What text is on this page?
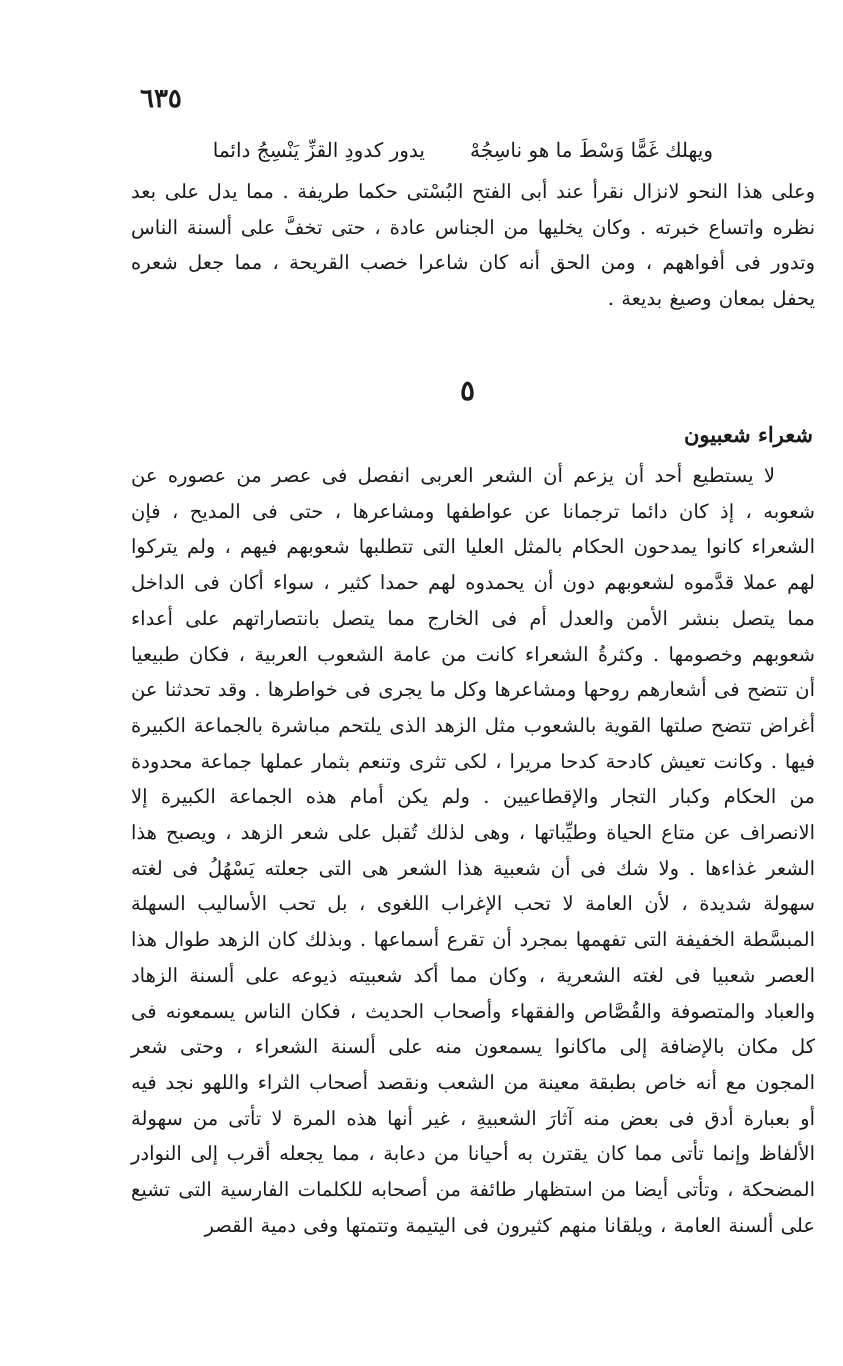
٦٣٥
يدور كدودِ القزِّ يَنْسِجُ دائما ويهلك غَمًّا وَسْطَ ما هو ناسِجُهْ

وعلى هذا النحو لانزال نقرأ عند أبى الفتح البُسْتى حكما طريفة . مما يدل على بعد نظره واتساع خبرته . وكان يخليها من الجناس عادة ، حتى تخفَّ على ألسنة الناس وتدور فى أفواههم ، ومن الحق أنه كان شاعرا خصب القريحة ، مما جعل شعره يحفل بمعان وصيغ بديعة .

٥
شعراء شعبيون

لا يستطيع أحد أن يزعم أن الشعر العربى انفصل فى عصر من عصوره عن شعوبه ، إذ كان دائما ترجمانا عن عواطفها ومشاعرها ، حتى فى المديح ، فإن الشعراء كانوا يمدحون الحكام بالمثل العليا التى تتطلبها شعوبهم فيهم ، ولم يتركوا لهم عملا قدَّموه لشعوبهم دون أن يحمدوه لهم حمدا كثير ، سواء أكان فى الداخل مما يتصل بنشر الأمن والعدل أم فى الخارج مما يتصل بانتصاراتهم على أعداء شعوبهم وخصومها . وكثرةُ الشعراء كانت من عامة الشعوب العربية ، فكان طبيعيا أن تتضح فى أشعارهم روحها ومشاعرها وكل ما يجرى فى خواطرها . وقد تحدثنا عن أغراض تتضح صلتها القوية بالشعوب مثل الزهد الذى يلتحم مباشرة بالجماعة الكبيرة فيها . وكانت تعيش كادحة كدحا مريرا ، لكى تثرى وتنعم بثمار عملها جماعة محدودة من الحكام وكبار التجار والإقطاعيين . ولم يكن أمام هذه الجماعة الكبيرة إلا الانصراف عن متاع الحياة وطيِّباتها ، وهى لذلك تُقبل على شعر الزهد ، ويصبح هذا الشعر غذاءها . ولا شك فى أن شعبية هذا الشعر هى التى جعلته يَسْهُلُ فى لغته سهولة شديدة ، لأن العامة لا تحب الإغراب اللغوى ، بل تحب الأساليب السهلة المبسَّطة الخفيفة التى تفهمها بمجرد أن تقرع أسماعها . وبذلك كان الزهد طوال هذا العصر شعبيا فى لغته الشعرية ، وكان مما أكد شعبيته ذيوعه على ألسنة الزهاد والعباد والمتصوفة والقُصَّاص والفقهاء وأصحاب الحديث ، فكان الناس يسمعونه فى كل مكان بالإضافة إلى ماكانوا يسمعون منه على ألسنة الشعراء ، وحتى شعر المجون مع أنه خاص بطبقة معينة من الشعب ونقصد أصحاب الثراء واللهو نجد فيه أو بعبارة أدق فى بعض منه آثارَ الشعبيةِ ، غير أنها هذه المرة لا تأتى من سهولة الألفاظ وإنما تأتى مما كان يقترن به أحيانا من دعابة ، مما يجعله أقرب إلى النوادر المضحكة ، وتأتى أيضا من استظهار طائفة من أصحابه للكلمات الفارسية التى تشيع على ألسنة العامة ، ويلقانا منهم كثيرون فى اليتيمة وتتمتها وفى دمية القصر
